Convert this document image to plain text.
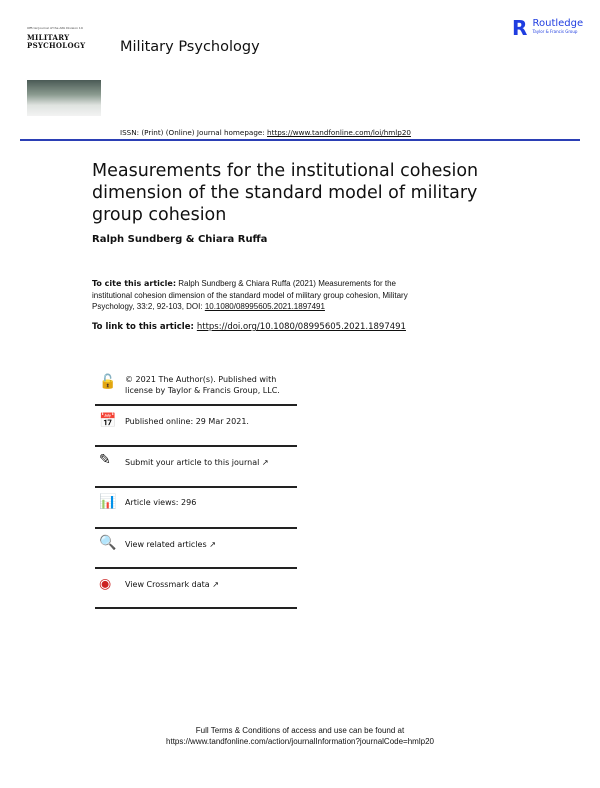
Official Journal of the APA Division 19
MILITARY PSYCHOLOGY Military Psychology
R Routledge
Taylor & Francis Group
ISSN: (Print) (Online) Journal homepage: https://www.tandfonline.com/loi/hmlp20
Measurements for the institutional cohesion dimension of the standard model of military group cohesion
Ralph Sundberg & Chiara Ruffa
To cite this article: Ralph Sundberg & Chiara Ruffa (2021) Measurements for the institutional cohesion dimension of the standard model of military group cohesion, Military Psychology, 33:2, 92-103, DOI: 10.1080/08995605.2021.1897491
To link to this article: https://doi.org/10.1080/08995605.2021.1897491
🔓 © 2021 The Author(s). Published with license by Taylor & Francis Group, LLC.
📅 Published online: 29 Mar 2021.
✎	Submit your article to this journal ↗
📊 Article views: 296
🔍 View related articles ↗
◉	View Crossmark data ↗
Full Terms & Conditions of access and use can be found at
https://www.tandfonline.com/action/journalInformation?journalCode=hmlp20
